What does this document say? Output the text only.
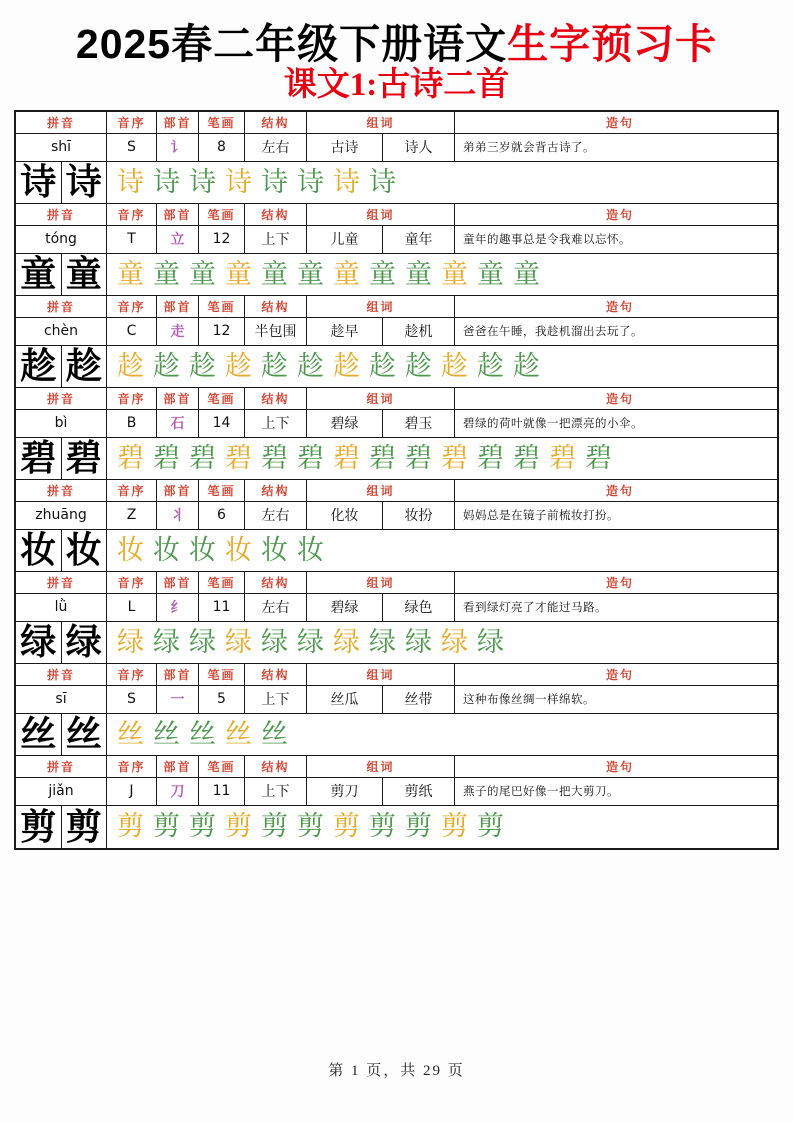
2025春二年级下册语文生字预习卡
课文1:古诗二首
拼音	音序	部首	笔画	结构	组词	造句
shī	S	讠	8	左右	古诗	诗人	弟弟三岁就会背古诗了。
诗 诗 诗 诗 诗 诗 诗 诗 诗 诗
拼音	音序	部首	笔画	结构	组词	造句
tóng	T	立	12	上下	儿童	童年	童年的趣事总是令我难以忘怀。
童 童 童 童 童 童 童 童 童 童 童 童 童 童
拼音	音序	部首	笔画	结构	组词	造句
chèn	C	走	12	半包围	趁早	趁机	爸爸在午睡，我趁机溜出去玩了。
趁 趁 趁 趁 趁 趁 趁 趁 趁 趁 趁 趁 趁 趁
拼音	音序	部首	笔画	结构	组词	造句
bì	B	石	14	上下	碧绿	碧玉	碧绿的荷叶就像一把漂亮的小伞。
碧 碧 碧 碧 碧 碧 碧 碧 碧 碧 碧 碧 碧 碧 碧 碧
拼音	音序	部首	笔画	结构	组词	造句
zhuāng	Z	丬	6	左右	化妆	妆扮	妈妈总是在镜子前梳妆打扮。
妆 妆 妆 妆 妆 妆 妆 妆
拼音	音序	部首	笔画	结构	组词	造句
lǜ	L	纟	11	左右	碧绿	绿色	看到绿灯亮了才能过马路。
绿 绿 绿 绿 绿 绿 绿 绿 绿 绿 绿 绿 绿
拼音	音序	部首	笔画	结构	组词	造句
sī	S	一	5	上下	丝瓜	丝带	这种布像丝绸一样绵软。
丝 丝 丝 丝 丝 丝 丝
拼音	音序	部首	笔画	结构	组词	造句
jiǎn	J	刀	11	上下	剪刀	剪纸	燕子的尾巴好像一把大剪刀。
剪 剪 剪 剪 剪 剪 剪 剪 剪 剪 剪 剪 剪
第 1 页，共 29 页
